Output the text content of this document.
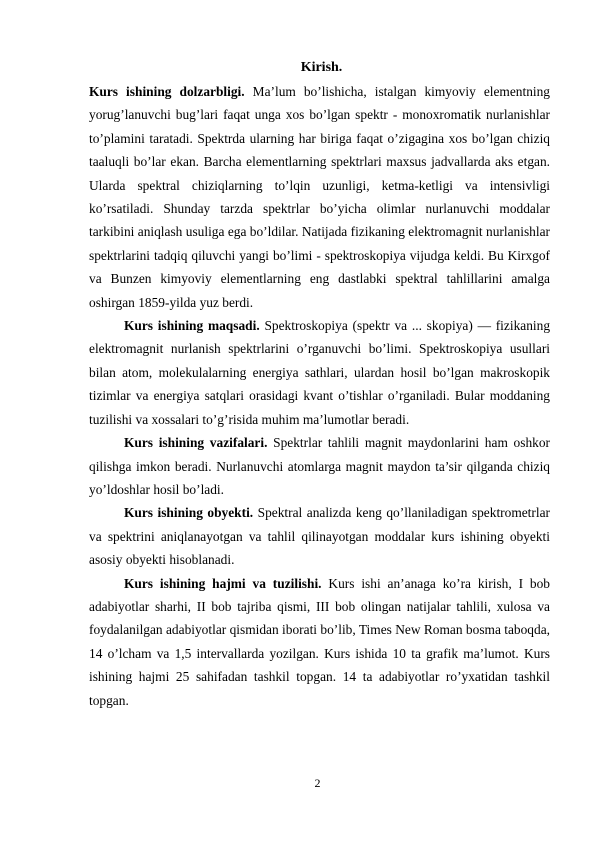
Kirish.

Kurs ishining dolzarbligi. Ma’lum bo’lishicha, istalgan kimyoviy elementning yorug’lanuvchi bug’lari faqat unga xos bo’lgan spektr - monoxromatik nurlanishlar to’plamini taratadi. Spektrda ularning har biriga faqat o’zigagina xos bo’lgan chiziq taaluqli bo’lar ekan. Barcha elementlarning spektrlari maxsus jadvallarda aks etgan. Ularda spektral chiziqlarning to’lqin uzunligi, ketma-ketligi va intensivligi ko’rsatiladi. Shunday tarzda spektrlar bo’yicha olimlar nurlanuvchi moddalar tarkibini aniqlash usuliga ega bo’ldilar. Natijada fizikaning elektromagnit nurlanishlar spektrlarini tadqiq qiluvchi yangi bo’limi - spektroskopiya vijudga keldi. Bu Kirxgof va Bunzen kimyoviy elementlarning eng dastlabki spektral tahlillarini amalga oshirgan 1859-yilda yuz berdi.

Kurs ishining maqsadi. Spektroskopiya (spektr va ... skopiya) — fizikaning elektromagnit nurlanish spektrlarini o’rganuvchi bo’limi. Spektroskopiya usullari bilan atom, molekulalarning energiya sathlari, ulardan hosil bo’lgan makroskopik tizimlar va energiya satqlari orasidagi kvant o’tishlar o’rganiladi. Bular moddaning tuzilishi va xossalari to’g’risida muhim ma’lumotlar beradi.

Kurs ishining vazifalari. Spektrlar tahlili magnit maydonlarini ham oshkor qilishga imkon beradi. Nurlanuvchi atomlarga magnit maydon ta’sir qilganda chiziq yo’ldoshlar hosil bo’ladi.

Kurs ishining obyekti. Spektral analizda keng qo’llaniladigan spektrometrlar va spektrini aniqlanayotgan va tahlil qilinayotgan moddalar kurs ishining obyekti asosiy obyekti hisoblanadi.

Kurs ishining hajmi va tuzilishi. Kurs ishi an’anaga ko’ra kirish, I bob adabiyotlar sharhi, II bob tajriba qismi, III bob olingan natijalar tahlili, xulosa va foydalanilgan adabiyotlar qismidan iborati bo’lib, Times New Roman bosma taboqda, 14 o’lcham va 1,5 intervallarda yozilgan. Kurs ishida 10 ta grafik ma’lumot. Kurs ishining hajmi 25 sahifadan tashkil topgan. 14 ta adabiyotlar ro’yxatidan tashkil topgan.

2
